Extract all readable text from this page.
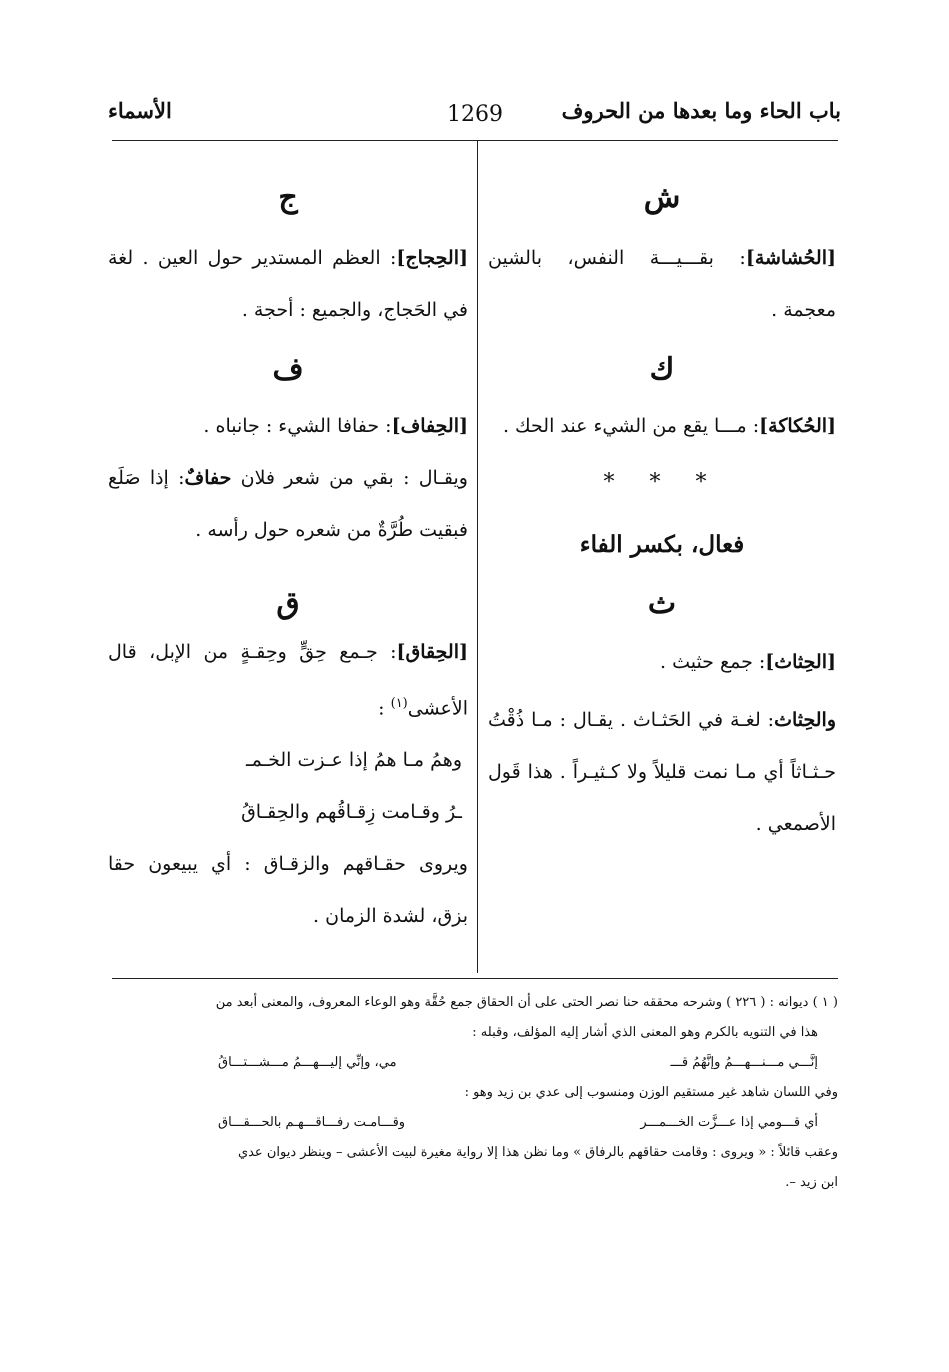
باب الحاء وما بعدها من الحروف
1269
الأسماء
ش
[الحُشاشة]: بقـــيـــة النفس، بالشين معجمة .
ك
[الحُكاكة]: مـــا يقع من الشيء عند الحك .
* * *
فعال، بكسر الفاء
ث
[الحِثاث]: جمع حثيث .
والحِثاث: لغـة في الحَثـاث . يقـال : مـا ذُقْتُ حـثـاثاً أي مـا نمت قليلاً ولا كـثيـراً . هذا قَول الأصمعي .
ج
[الحِجاج]: العظم المستدير حول العين . لغة في الحَجاج، والجميع : أحجة .
ف
[الحِفاف]: حفافا الشيء : جانباه .
ويقـال : بقي من شعر فلان حفافٌ: إذا صَلَع فبقيت طُرَّةٌ من شعره حول رأسه .
ق
[الحِقاق]: جـمع حِقٍّ وحِقـةٍ من الإبل، قال الأعشى$^{(١)}$ :
وهمُ مـا همُ إذا عـزت الخـمـ
ـرُ وقـامت زِقـاقُهم والحِقـاقُ
ويروى حقـاقهم والزقـاق : أي يبيعون حقا بزق، لشدة الزمان .
( ١ ) ديوانه : ( ٢٢٦ ) وشرحه محققه حنا نصر الحتى على أن الحقاق جمع حُقَّة وهو الوعاء المعروف، والمعنى أبعد من
هذا في التنويه بالكرم وهو المعنى الذي أشار إليه المؤلف، وقبله :
إنَّـــي مـــنـــهـــمُ وإنَّهُمُ قـــ
مي، وإنِّي إليـــهـــمُ مـــشـــتـــاقُ
وفي اللسان شاهد غير مستقيم الوزن ومنسوب إلى عدي بن زيد وهو :
أي قـــومي إذا عـــزَّت الخـــمـــر
وقـــامـت رفـــاقـــهـم بالحـــقـــاق
وعقب قائلاً : « ويروى : وقامت حقاقهم بالرفاق » وما نظن هذا إلا رواية مغيرة لبيت الأعشى – وينظر ديوان عدي
ابن زيد –.
